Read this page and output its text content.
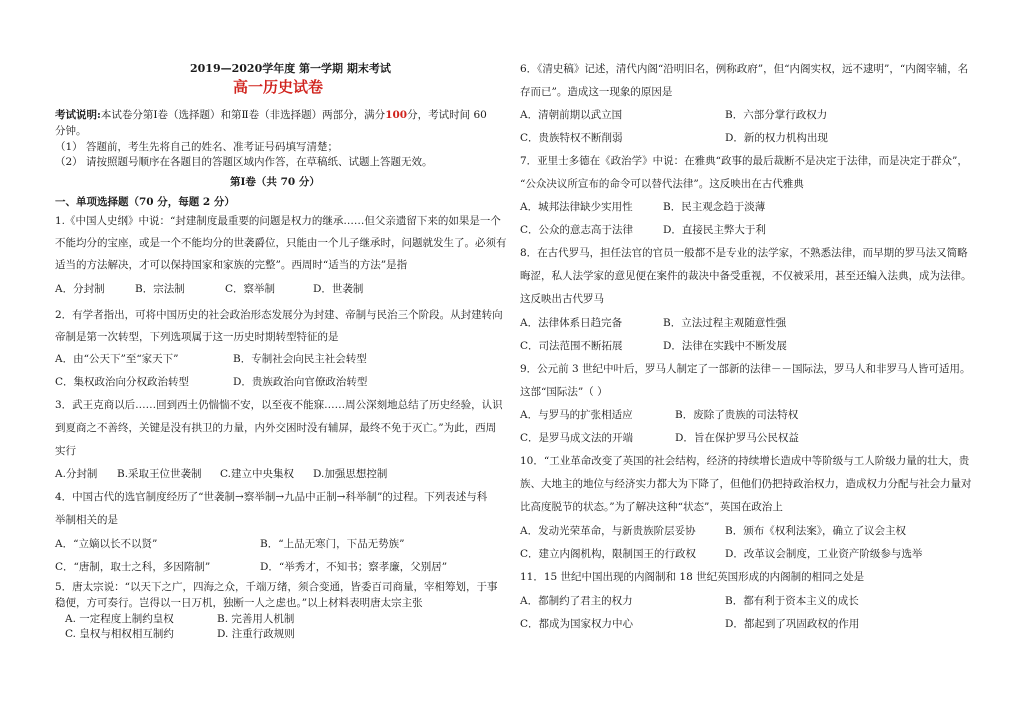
2019—2020学年度 第一学期 期末考试
高一历史试卷
考试说明:本试卷分第Ⅰ卷（选择题）和第Ⅱ卷（非选择题）两部分，满分100分，考试时间 60
分钟。
（1） 答题前，考生先将自己的姓名、准考证号码填写清楚；
（2） 请按照题号顺序在各题目的答题区域内作答，在草稿纸、试题上答题无效。
第Ⅰ卷（共 70 分）
一、单项选择题（70 分，每题 2 分）
1.《中国人史纲》中说：“封建制度最重要的问题是权力的继承……但父亲遗留下来的如果是一个
不能均分的宝座，或是一个不能均分的世袭爵位，只能由一个儿子继承时，问题就发生了。必须有
适当的方法解决，才可以保持国家和家族的完整”。西周时“适当的方法”是指
A．分封制	B．宗法制	C．察举制	D．世袭制
2．有学者指出，可将中国历史的社会政治形态发展分为封建、帝制与民治三个阶段。从封建转向
帝制是第一次转型，下列选项属于这一历史时期转型特征的是
A．由“公天下”至“家天下”	B．专制社会向民主社会转型
C．集权政治向分权政治转型	D．贵族政治向官僚政治转型
3．武王克商以后……回到西土仍惴惴不安，以至夜不能寐……周公深刻地总结了历史经验，认识
到夏商之不善终，关键是没有拱卫的力量，内外交困时没有辅屏，最终不免于灭亡。”为此，西周
实行
A.分封制 B.采取王位世袭制 C.建立中央集权 D.加强思想控制
4．中国古代的选官制度经历了“世袭制→察举制→九品中正制→科举制”的过程。下列表述与科
举制相关的是
A．“立嫡以长不以贤”	B．“上品无寒门，下品无势族”
C．“唐制，取士之科，多因隋制”	D．“举秀才，不知书；察孝廉，父别居”
5．唐太宗说：“以天下之广，四海之众，千端万绪，须合变通，皆委百司商量，宰相筹划，于事
稳便，方可奏行。岂得以一日万机，独断一人之虑也。”以上材料表明唐太宗主张
A. 一定程度上制约皇权	B. 完善用人机制
C. 皇权与相权相互制约	D. 注重行政规则
6．《清史稿》记述，清代内阁“沿明旧名，例称政府”，但“内阁实权，远不逮明”，“内阁宰辅，名
存而已”。造成这一现象的原因是
A．清朝前期以武立国	B．六部分掌行政权力
C．贵族特权不断削弱	D．新的权力机构出现
7．亚里士多德在《政治学》中说：在雅典“政事的最后裁断不是决定于法律，而是决定于群众”，
“公众决议所宣布的命令可以替代法律”。这反映出在古代雅典
A．城邦法律缺少实用性	B．民主观念趋于淡薄
C．公众的意志高于法律	D．直接民主弊大于利
8．在古代罗马，担任法官的官员一般都不是专业的法学家，不熟悉法律，而早期的罗马法又简略
晦涩，私人法学家的意见便在案件的裁决中备受重视，不仅被采用，甚至还编入法典，成为法律。
这反映出古代罗马
A．法律体系日趋完备	B．立法过程主观随意性强
C．司法范围不断拓展	D．法律在实践中不断发展
9．公元前 3 世纪中叶后，罗马人制定了一部新的法律－－国际法，罗马人和非罗马人皆可适用。
这部“国际法”（ ）
A．与罗马的扩张相适应	B．废除了贵族的司法特权
C．是罗马成文法的开端	D．旨在保护罗马公民权益
10．“工业革命改变了英国的社会结构，经济的持续增长造成中等阶级与工人阶级力量的壮大，贵
族、大地主的地位与经济实力都大为下降了，但他们仍把持政治权力，造成权力分配与社会力量对
比高度脱节的状态。”为了解决这种“状态”，英国在政治上
A．发动光荣革命，与新贵族阶层妥协	B．颁布《权利法案》，确立了议会主权
C．建立内阁机构，限制国王的行政权	D．改革议会制度，工业资产阶级参与选举
11．15 世纪中国出现的内阁制和 18 世纪英国形成的内阁制的相同之处是
A．都制约了君主的权力	B．都有利于资本主义的成长
C．都成为国家权力中心	D．都起到了巩固政权的作用
